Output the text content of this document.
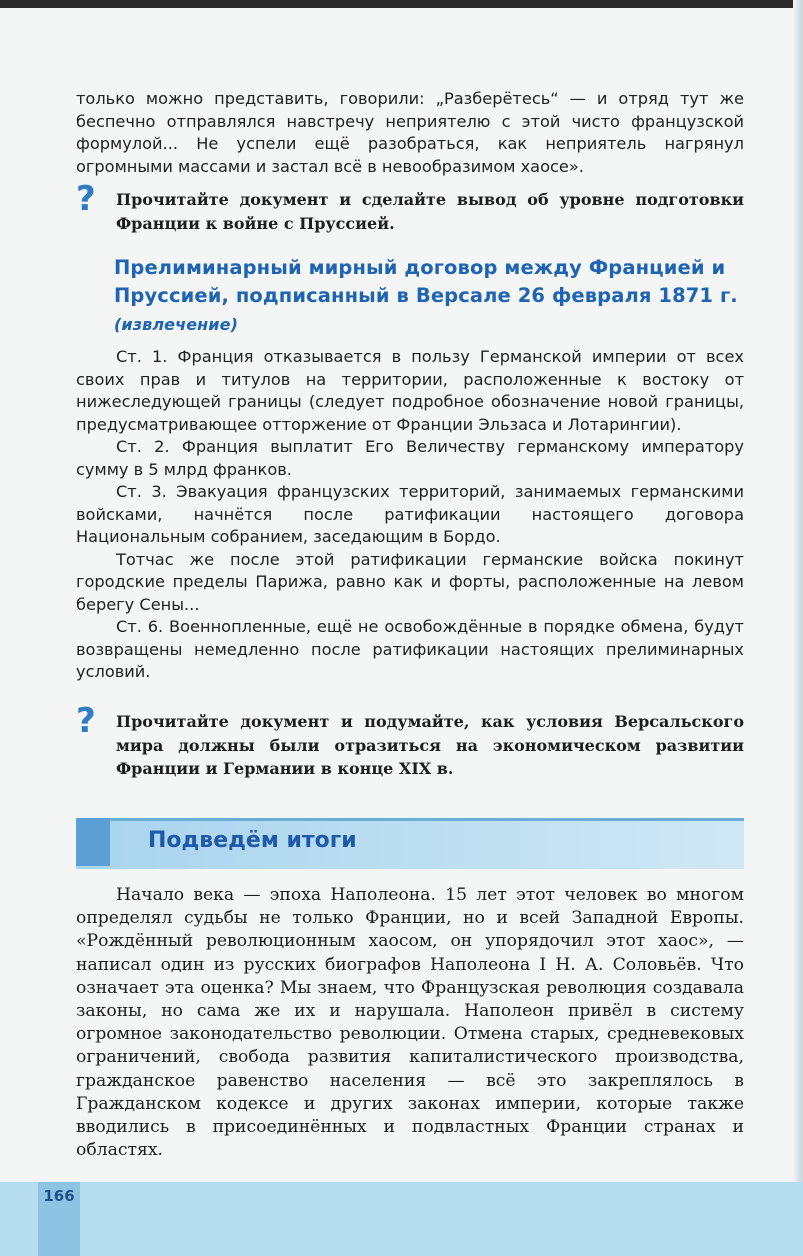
только можно представить, говорили: „Разберётесь“ — и отряд тут же беспечно отправлялся навстречу неприятелю с этой чисто французской формулой... Не успели ещё разобраться, как неприятель нагрянул огромными массами и застал всё в невообразимом хаосе».

?	Прочитайте документ и сделайте вывод об уровне подготовки Франции к войне с Пруссией.
Прелиминарный мирный договор между Францией и Пруссией, подписанный в Версале 26 февраля 1871 г. (извлечение)

Ст. 1. Франция отказывается в пользу Германской империи от всех своих прав и титулов на территории, расположенные к востоку от нижеследующей границы (следует подробное обозначение новой границы, предусматривающее отторжение от Франции Эльзаса и Лотарингии).

Ст. 2. Франция выплатит Его Величеству германскому императору сумму в 5 млрд франков.

Ст. 3. Эвакуация французских территорий, занимаемых германскими войсками, начнётся после ратификации настоящего договора Национальным собранием, заседающим в Бордо.

Тотчас же после этой ратификации германские войска покинут городские пределы Парижа, равно как и форты, расположенные на левом берегу Сены...

Ст. 6. Военнопленные, ещё не освобождённые в порядке обмена, будут возвращены немедленно после ратификации настоящих прелиминарных условий.

?	Прочитайте документ и подумайте, как условия Версальского мира должны были отразиться на экономическом развитии Франции и Германии в конце XIX в.
Подведём итоги

Начало века — эпоха Наполеона. 15 лет этот человек во многом определял судьбы не только Франции, но и всей Западной Европы. «Рождённый революционным хаосом, он упорядочил этот хаос», — написал один из русских биографов Наполеона I Н. А. Соловьёв. Что означает эта оценка? Мы знаем, что Французская революция создавала законы, но сама же их и нарушала. Наполеон привёл в систему огромное законодательство революции. Отмена старых, средневековых ограничений, свобода развития капиталистического производства, гражданское равенство населения — всё это закреплялось в Гражданском кодексе и других законах империи, которые также вводились в присоединённых и подвластных Франции странах и областях.

166
